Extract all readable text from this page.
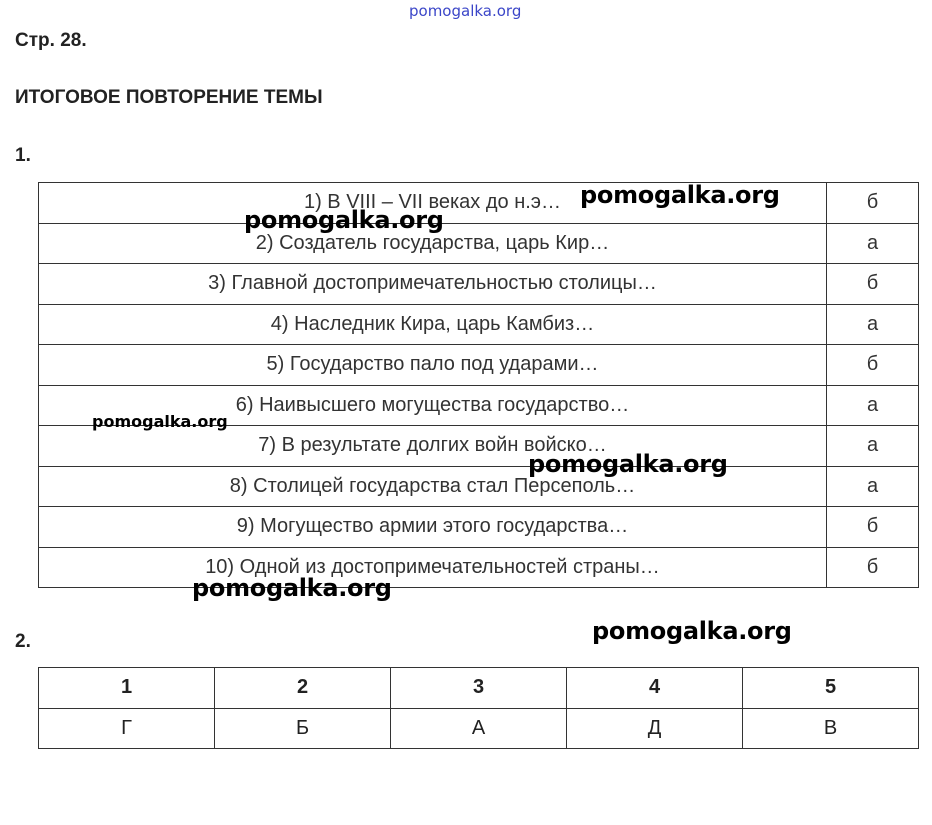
pomogalka.org
Стр. 28.
ИТОГОВОЕ ПОВТОРЕНИЕ ТЕМЫ
1.
1) В VIII – VII веках до н.э…	б
2) Создатель государства, царь Кир…	а
3) Главной достопримечательностью столицы…	б
4) Наследник Кира, царь Камбиз…	а
5) Государство пало под ударами…	б
6) Наивысшего могущества государство…	а
7) В результате долгих войн войско…	а
8) Столицей государства стал Персеполь…	а
9) Могущество армии этого государства…	б
10) Одной из достопримечательностей страны…	б
2.
1	2	3	4	5
Г	Б	А	Д	В
pomogalka.org
pomogalka.org
pomogalka.org
pomogalka.org
pomogalka.org
pomogalka.org
